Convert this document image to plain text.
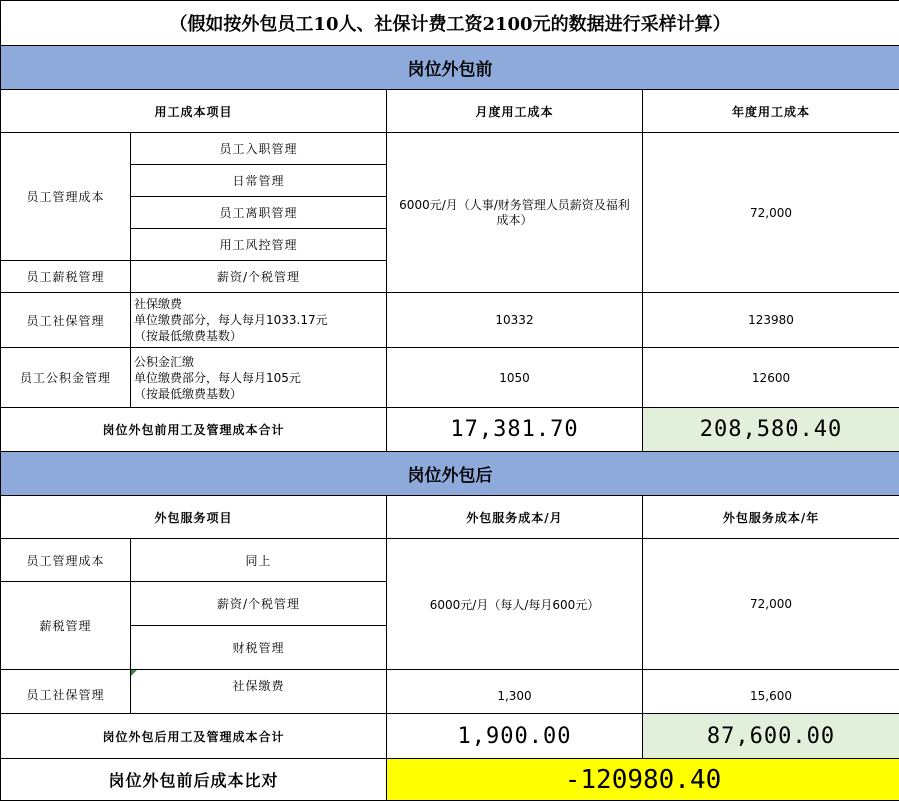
（假如按外包员工10人、社保计费工资2100元的数据进行采样计算）			
岗位外包前			
用工成本项目		月度用工成本	年度用工成本
员工管理成本	员工入职管理	6000元/月（人事/财务管理人员薪资及福利成本）	72,000
	日常管理		
	员工离职管理		
	用工风控管理		
员工薪税管理	薪资/个税管理		
员工社保管理	社保缴费
单位缴费部分，每人每月1033.17元
（按最低缴费基数）	10332	123980
员工公积金管理	公积金汇缴
单位缴费部分，每人每月105元
（按最低缴费基数）	1050	12600
岗位外包前用工及管理成本合计		17,381.70	208,580.40
岗位外包后			
外包服务项目		外包服务成本/月	外包服务成本/年
员工管理成本	同上	6000元/月（每人/每月600元）	72,000
薪税管理	薪资/个税管理		
	财税管理		
员工社保管理	社保缴费	1,300	15,600
岗位外包后用工及管理成本合计		1,900.00	87,600.00
岗位外包前后成本比对		-120980.40	
